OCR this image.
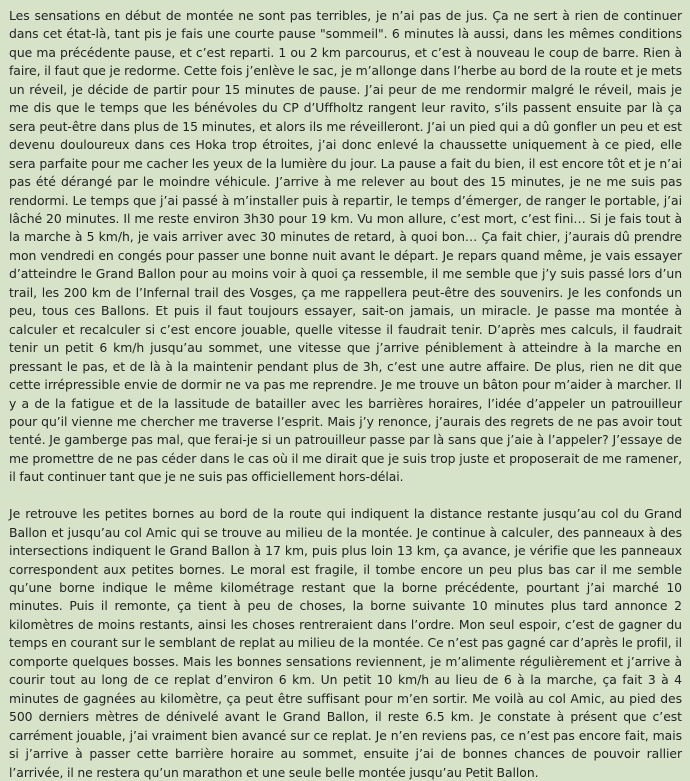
Les sensations en début de montée ne sont pas terribles, je n’ai pas de jus. Ça ne sert à rien de continuer dans cet état-là, tant pis je fais une courte pause "sommeil". 6 minutes là aussi, dans les mêmes conditions que ma précédente pause, et c’est reparti. 1 ou 2 km parcourus, et c’est à nouveau le coup de barre. Rien à faire, il faut que je redorme. Cette fois j’enlève le sac, je m’allonge dans l’herbe au bord de la route et je mets un réveil, je décide de partir pour 15 minutes de pause. J’ai peur de me rendormir malgré le réveil, mais je me dis que le temps que les bénévoles du CP d’Uffholtz rangent leur ravito, s’ils passent ensuite par là ça sera peut-être dans plus de 15 minutes, et alors ils me réveilleront. J’ai un pied qui a dû gonfler un peu et est devenu douloureux dans ces Hoka trop étroites, j’ai donc enlevé la chaussette uniquement à ce pied, elle sera parfaite pour me cacher les yeux de la lumière du jour. La pause a fait du bien, il est encore tôt et je n’ai pas été dérangé par le moindre véhicule. J’arrive à me relever au bout des 15 minutes, je ne me suis pas rendormi. Le temps que j’ai passé à m’installer puis à repartir, le temps d’émerger, de ranger le portable, j’ai lâché 20 minutes. Il me reste environ 3h30 pour 19 km. Vu mon allure, c’est mort, c’est fini… Si je fais tout à la marche à 5 km/h, je vais arriver avec 30 minutes de retard, à quoi bon… Ça fait chier, j’aurais dû prendre mon vendredi en congés pour passer une bonne nuit avant le départ. Je repars quand même, je vais essayer d’atteindre le Grand Ballon pour au moins voir à quoi ça ressemble, il me semble que j’y suis passé lors d’un trail, les 200 km de l’Infernal trail des Vosges, ça me rappellera peut-être des souvenirs. Je les confonds un peu, tous ces Ballons. Et puis il faut toujours essayer, sait-on jamais, un miracle. Je passe ma montée à calculer et recalculer si c’est encore jouable, quelle vitesse il faudrait tenir. D’après mes calculs, il faudrait tenir un petit 6 km/h jusqu’au sommet, une vitesse que j’arrive péniblement à atteindre à la marche en pressant le pas, et de là à la maintenir pendant plus de 3h, c’est une autre affaire. De plus, rien ne dit que cette irrépressible envie de dormir ne va pas me reprendre. Je me trouve un bâton pour m’aider à marcher. Il y a de la fatigue et de la lassitude de batailler avec les barrières horaires, l’idée d’appeler un patrouilleur pour qu’il vienne me chercher me traverse l’esprit. Mais j’y renonce, j’aurais des regrets de ne pas avoir tout tenté. Je gamberge pas mal, que ferai-je si un patrouilleur passe par là sans que j’aie à l’appeler? J’essaye de me promettre de ne pas céder dans le cas où il me dirait que je suis trop juste et proposerait de me ramener, il faut continuer tant que je ne suis pas officiellement hors-délai.

Je retrouve les petites bornes au bord de la route qui indiquent la distance restante jusqu’au col du Grand Ballon et jusqu’au col Amic qui se trouve au milieu de la montée. Je continue à calculer, des panneaux à des intersections indiquent le Grand Ballon à 17 km, puis plus loin 13 km, ça avance, je vérifie que les panneaux correspondent aux petites bornes. Le moral est fragile, il tombe encore un peu plus bas car il me semble qu’une borne indique le même kilométrage restant que la borne précédente, pourtant j’ai marché 10 minutes. Puis il remonte, ça tient à peu de choses, la borne suivante 10 minutes plus tard annonce 2 kilomètres de moins restants, ainsi les choses rentreraient dans l’ordre. Mon seul espoir, c’est de gagner du temps en courant sur le semblant de replat au milieu de la montée. Ce n’est pas gagné car d’après le profil, il comporte quelques bosses. Mais les bonnes sensations reviennent, je m’alimente régulièrement et j’arrive à courir tout au long de ce replat d’environ 6 km. Un petit 10 km/h au lieu de 6 à la marche, ça fait 3 à 4 minutes de gagnées au kilomètre, ça peut être suffisant pour m’en sortir. Me voilà au col Amic, au pied des 500 derniers mètres de dénivelé avant le Grand Ballon, il reste 6.5 km. Je constate à présent que c’est carrément jouable, j’ai vraiment bien avancé sur ce replat. Je n’en reviens pas, ce n’est pas encore fait, mais si j’arrive à passer cette barrière horaire au sommet, ensuite j’ai de bonnes chances de pouvoir rallier l’arrivée, il ne restera qu’un marathon et une seule belle montée jusqu’au Petit Ballon.
